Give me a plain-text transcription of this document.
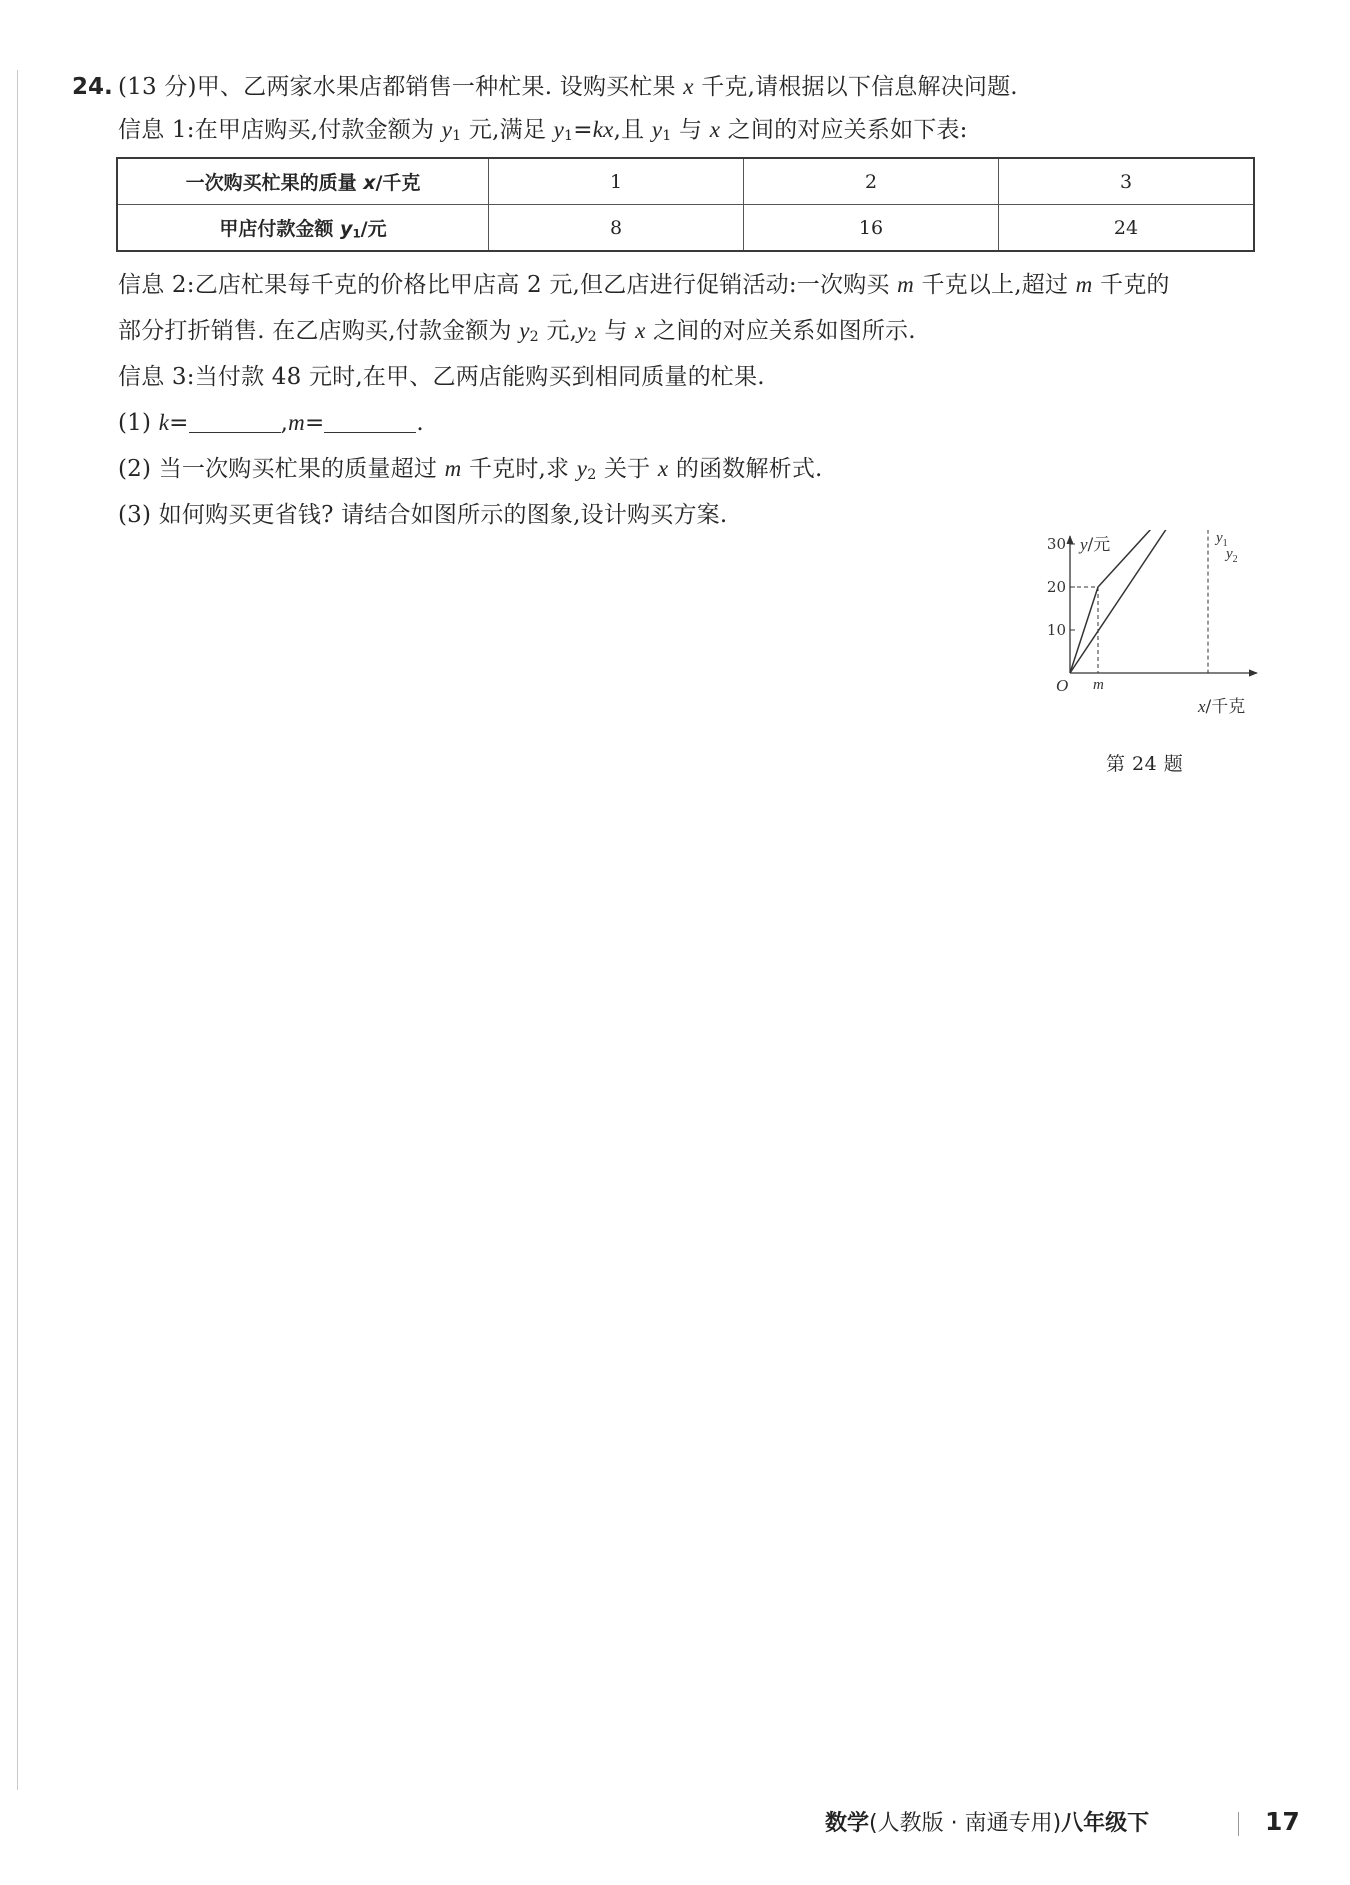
24. (13 分)甲、乙两家水果店都销售一种杧果. 设购买杧果 x 千克,请根据以下信息解决问题.
信息 1:在甲店购买,付款金额为 $y_1$ 元,满足 $y_1=kx$,且 $y_1$ 与 x 之间的对应关系如下表:
一次购买杧果的质量 x/千克	1	2	3
甲店付款金额 $y_1/$元	8	16	24
信息 2:乙店杧果每千克的价格比甲店高 2 元,但乙店进行促销活动:一次购买 m 千克以上,超过 m 千克的
部分打折销售. 在乙店购买,付款金额为 $y_2$ 元$,y_2$ 与 x 之间的对应关系如图所示.
信息 3:当付款 48 元时,在甲、乙两店能购买到相同质量的杧果.
(1) k=	,m=	.
(2) 当一次购买杧果的质量超过 m 千克时,求 $y_2$ 关于 x 的函数解析式.
(3) 如何购买更省钱? 请结合如图所示的图象,设计购买方案.
10
20
30	$y_1$
$y_2$
y/元
x/千克
O m
第 24 题
数学(人教版 · 南通专用)八年级下	17
